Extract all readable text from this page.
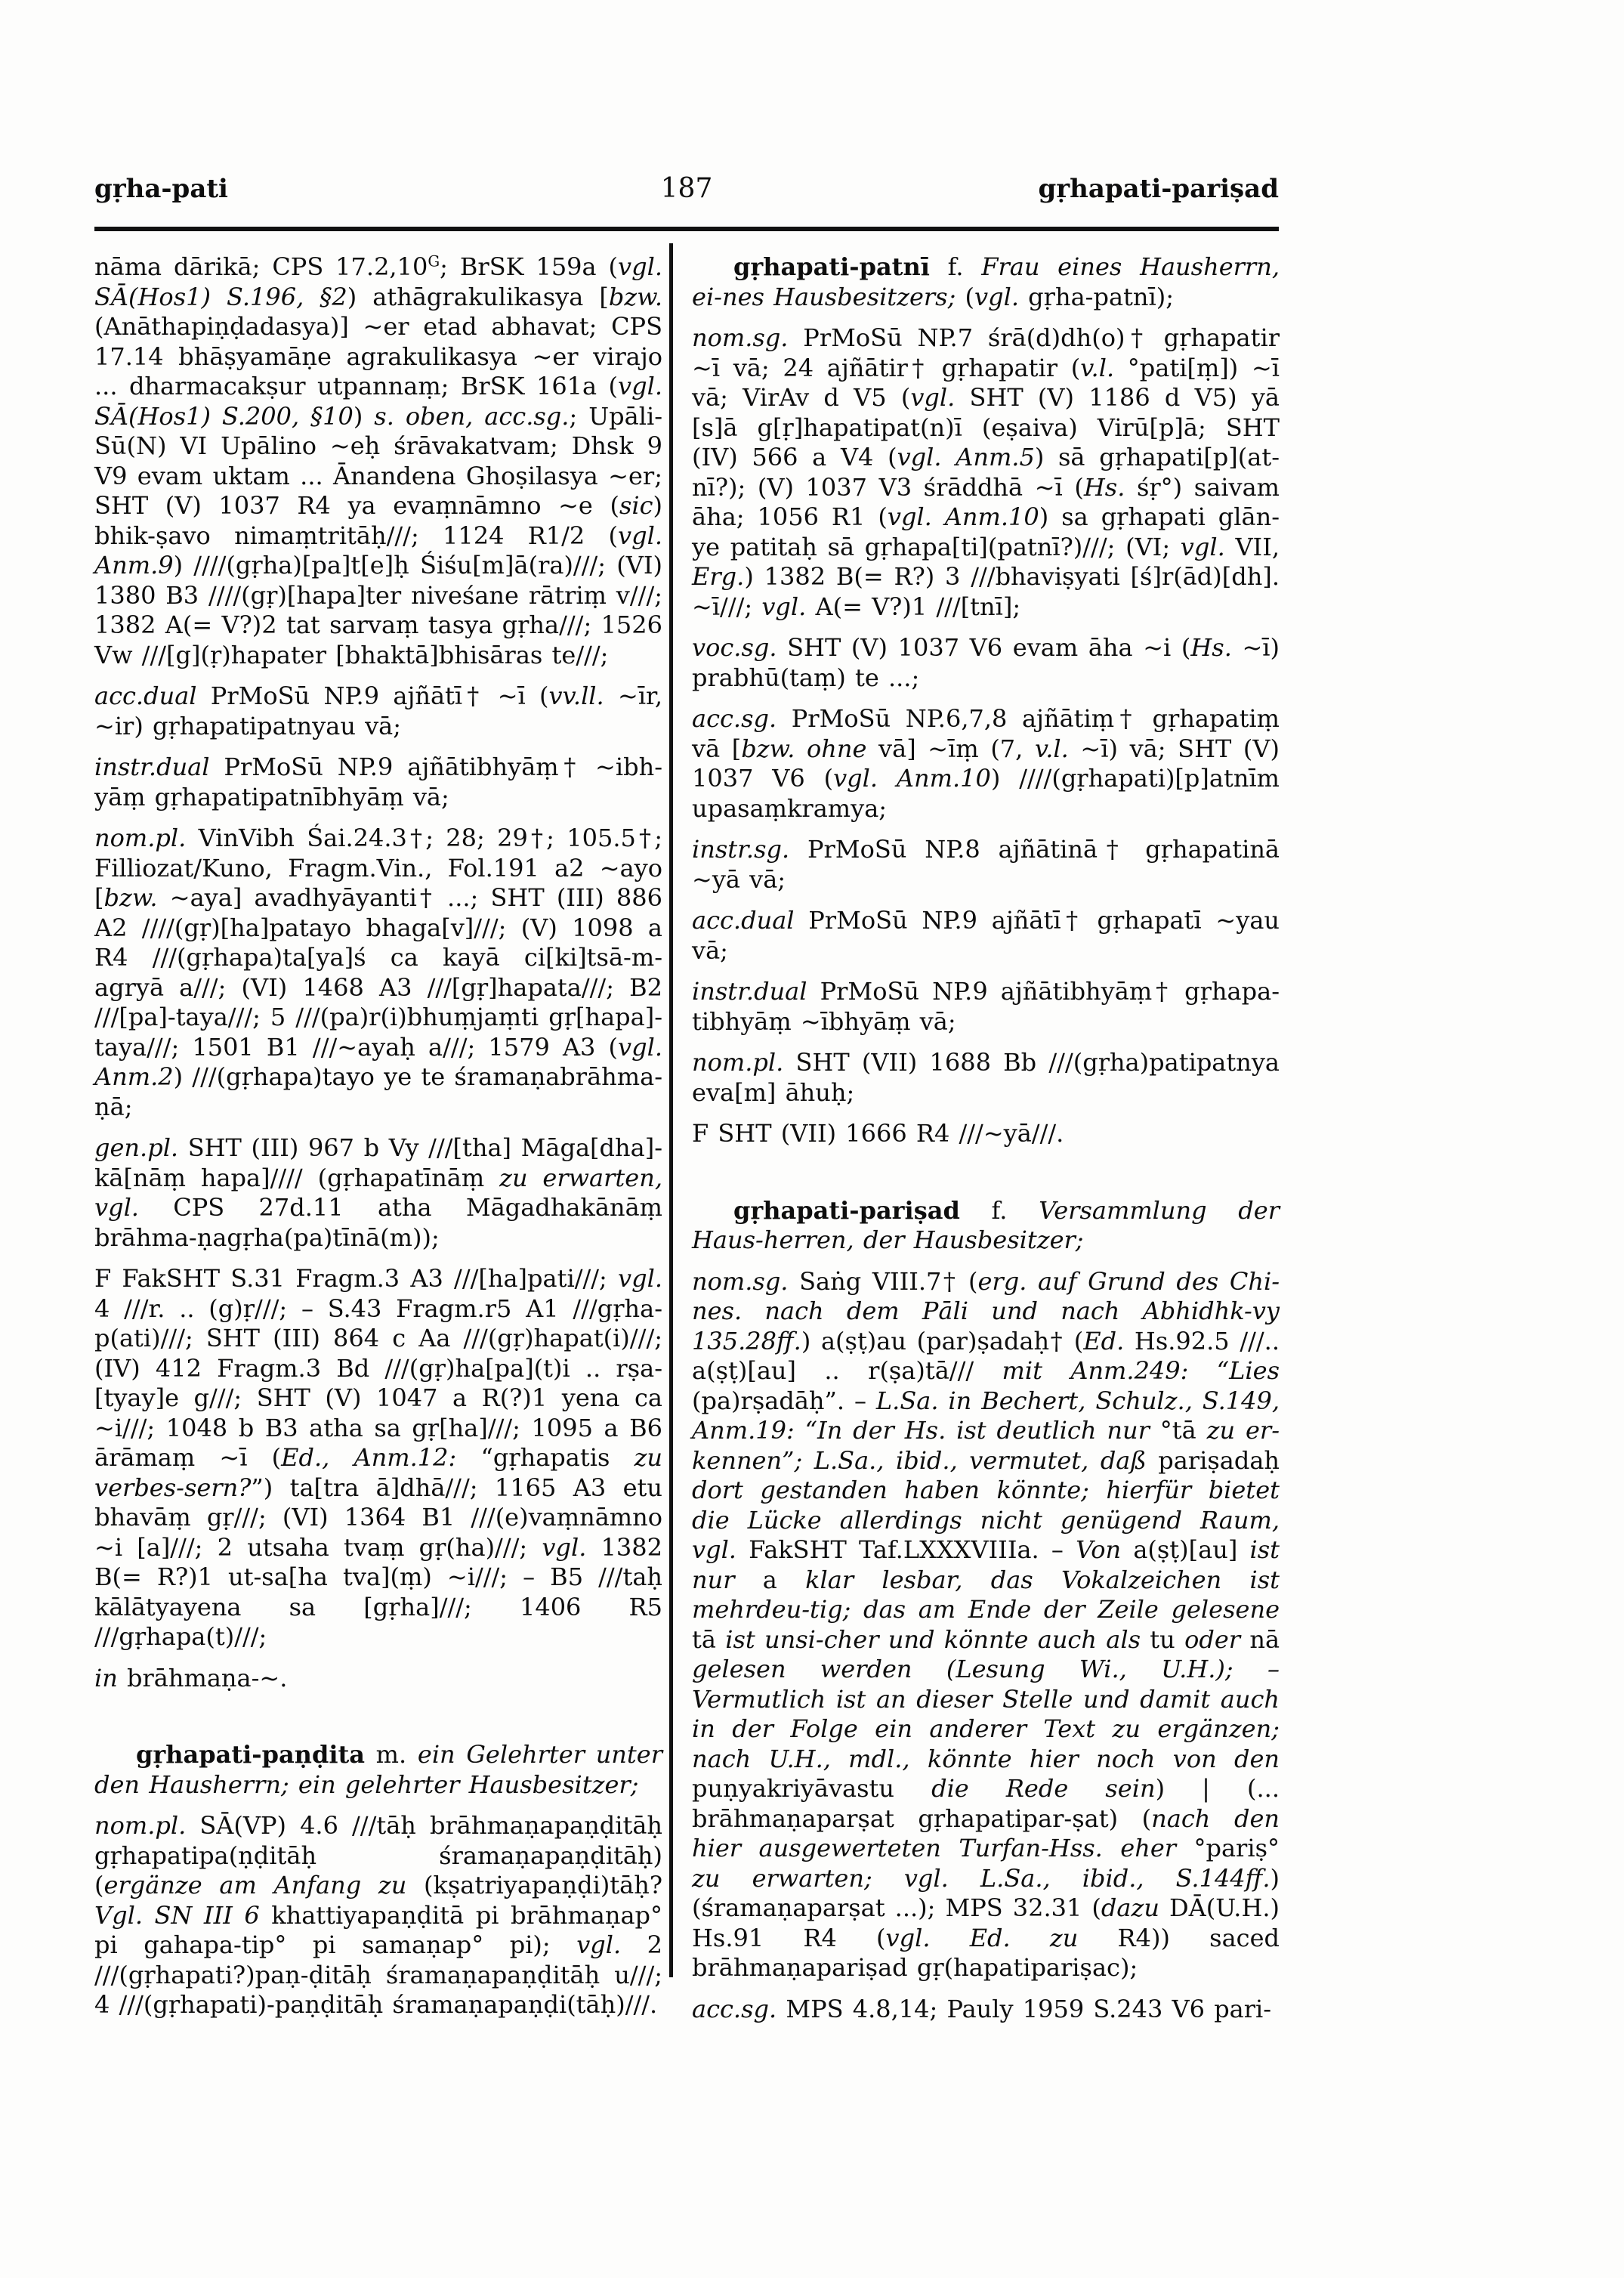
gṛha-pati	187	gṛhapati-pariṣad

nāma dārikā; CPS $17.2,10^G$; BrSK 159a (vgl. SĀ(Hos1) S.196, §2) athāgrakulikasya [bzw. (Anāthapiṇḍadasya)] ~er etad abhavat; CPS 17.14 bhāṣyamāṇe agrakulikasya ~er virajo ... dharmacakṣur utpannaṃ; BrSK 161a (vgl. SĀ(Hos1) S.200, §10) s. oben, acc.sg.; Upāli-Sū(N) VI Upālino ~eḥ śrāvakatvam; Dhsk 9 V9 evam uktam ... Ānandena Ghoṣilasya ~er; SHT (V) 1037 R4 ya evaṃnāmno ~e (sic) bhik-ṣavo nimaṃtritāḥ///; 1124 R1/2 (vgl. Anm.9) ////(gṛha)[pa]t[e]ḥ Śiśu[m]ā(ra)///; (VI) 1380 B3 ////(gṛ)[hapa]ter niveśane rātriṃ v///; 1382 A(= V?)2 tat sarvaṃ tasya gṛha///; 1526 Vw ///[g](ṛ)hapater [bhaktā]bhisāras te///;

acc.dual PrMoSū NP.9 ajñātī† ~ī (vv.ll. ~īr, ~ir) gṛhapatipatnyau vā;

instr.dual PrMoSū NP.9 ajñātibhyāṃ† ~ibh-yāṃ gṛhapatipatnībhyāṃ vā;

nom.pl. VinVibh Śai.24.3†; 28; 29†; 105.5†; Filliozat/Kuno, Fragm.Vin., Fol.191 a2 ~ayo [bzw. ~aya] avadhyāyanti† ...; SHT (III) 886 A2 ////(gṛ)[ha]patayo bhaga[v]///; (V) 1098 a R4 ///(gṛhapa)ta[ya]ś ca kayā ci[ki]tsā-m-agryā a///; (VI) 1468 A3 ///[gṛ]hapata///; B2 ///[pa]-taya///; 5 ///(pa)r(i)bhuṃjaṃti gṛ[hapa]-taya///; 1501 B1 ///~ayaḥ a///; 1579 A3 (vgl. Anm.2) ///(gṛhapa)tayo ye te śramaṇabrāhma-ṇā;

gen.pl. SHT (III) 967 b Vy ///[tha] Māga[dha]-kā[nāṃ hapa]//// (gṛhapatīnāṃ zu erwarten, vgl. CPS 27d.11 atha Māgadhakānāṃ brāhma-ṇagṛha(pa)tīnā(m));

F FakSHT S.31 Fragm.3 A3 ///[ha]pati///; vgl. 4 ///r. .. (g)ṛ///; – S.43 Fragm.r5 A1 ///gṛha-p(ati)///; SHT (III) 864 c Aa ///(gṛ)hapat(i)///; (IV) 412 Fragm.3 Bd ///(gṛ)ha[pa](t)i .. rṣa-[tyay]e g///; SHT (V) 1047 a R(?)1 yena ca ~i///; 1048 b B3 atha sa gṛ[ha]///; 1095 a B6 ārāmaṃ ~ī (Ed., Anm.12: “gṛhapatis zu verbes-sern?”) ta[tra ā]dhā///; 1165 A3 etu bhavāṃ gṛ///; (VI) 1364 B1 ///(e)vaṃnāmno ~i [a]///; 2 utsaha tvaṃ gṛ(ha)///; vgl. 1382 B(= R?)1 ut-sa[ha tva](ṃ) ~i///; – B5 ///taḥ kālātyayena sa [gṛha]///; 1406 R5 ///gṛhapa(t)///;

in brāhmaṇa-~.

gṛhapati-paṇḍita m. ein Gelehrter unter den Hausherrn; ein gelehrter Hausbesitzer;

nom.pl. SĀ(VP) 4.6 ///tāḥ brāhmaṇapaṇḍitāḥ gṛhapatipa(ṇḍitāḥ śramaṇapaṇḍitāḥ) (ergänze am Anfang zu (kṣatriyapaṇḍi)tāḥ? Vgl. SN III 6 khattiyapaṇḍitā pi brāhmaṇap° pi gahapa-tip° pi samaṇap° pi); vgl. 2 ///(gṛhapati?)paṇ-ḍitāḥ śramaṇapaṇḍitāḥ u///; 4 ///(gṛhapati)-paṇḍitāḥ śramaṇapaṇḍi(tāḥ)///.

gṛhapati-patnī f. Frau eines Hausherrn, ei-nes Hausbesitzers; (vgl. gṛha-patnī);

nom.sg. PrMoSū NP.7 śrā(d)dh(o)† gṛhapatir ~ī vā; 24 ajñātir† gṛhapatir (v.l. °pati[ṃ]) ~ī vā; VirAv d V5 (vgl. SHT (V) 1186 d V5) yā [s]ā g[ṛ]hapatipat(n)ī (eṣaiva) Virū[p]ā; SHT (IV) 566 a V4 (vgl. Anm.5) sā gṛhapati[p](at-nī?); (V) 1037 V3 śrāddhā ~ī (Hs. śṛ°) saivam āha; 1056 R1 (vgl. Anm.10) sa gṛhapati glān-ye patitaḥ sā gṛhapa[ti](patnī?)///; (VI; vgl. VII, Erg.) 1382 B(= R?) 3 ///bhaviṣyati [ś]r(ād)[dh]. ~ī///; vgl. A(= V?)1 ///[tnī];

voc.sg. SHT (V) 1037 V6 evam āha ~i (Hs. ~ī) prabhū(taṃ) te ...;

acc.sg. PrMoSū NP.6,7,8 ajñātiṃ† gṛhapatiṃ vā [bzw. ohne vā] ~īṃ (7, v.l. ~ī) vā; SHT (V) 1037 V6 (vgl. Anm.10) ////(gṛhapati)[p]atnīm upasaṃkramya;

instr.sg. PrMoSū NP.8 ajñātinā† gṛhapatinā ~yā vā;

acc.dual PrMoSū NP.9 ajñātī† gṛhapatī ~yau vā;

instr.dual PrMoSū NP.9 ajñātibhyāṃ† gṛhapa-tibhyāṃ ~ībhyāṃ vā;

nom.pl. SHT (VII) 1688 Bb ///(gṛha)patipatnya eva[m] āhuḥ;

F SHT (VII) 1666 R4 ///~yā///.

gṛhapati-pariṣad f. Versammlung der Haus-herren, der Hausbesitzer;

nom.sg. Saṅg VIII.7† (erg. auf Grund des Chi-nes. nach dem Pāli und nach Abhidhk-vy 135.28ff.) a(ṣṭ)au (par)ṣadaḥ† (Ed. Hs.92.5 ///.. a(ṣṭ)[au] .. r(ṣa)tā/// mit Anm.249: “Lies (pa)rṣadāḥ”. – L.Sa. in Bechert, Schulz., S.149, Anm.19: “In der Hs. ist deutlich nur °tā zu er-kennen”; L.Sa., ibid., vermutet, daß pariṣadaḥ dort gestanden haben könnte; hierfür bietet die Lücke allerdings nicht genügend Raum, vgl. FakSHT Taf.LXXXVIIIa. – Von a(ṣṭ)[au] ist nur a klar lesbar, das Vokalzeichen ist mehrdeu-tig; das am Ende der Zeile gelesene tā ist unsi-cher und könnte auch als tu oder nā gelesen werden (Lesung Wi., U.H.); – Vermutlich ist an dieser Stelle und damit auch in der Folge ein anderer Text zu ergänzen; nach U.H., mdl., könnte hier noch von den puṇyakriyāvastu die Rede sein) | (... brāhmaṇaparṣat gṛhapatipar-ṣat) (nach den hier ausgewerteten Turfan-Hss. eher °pariṣ° zu erwarten; vgl. L.Sa., ibid., S.144ff.) (śramaṇaparṣat ...); MPS 32.31 (dazu DĀ(U.H.) Hs.91 R4 (vgl. Ed. zu R4)) saced brāhmaṇapariṣad gṛ(hapatipariṣac);

acc.sg. MPS 4.8,14; Pauly 1959 S.243 V6 pari-
